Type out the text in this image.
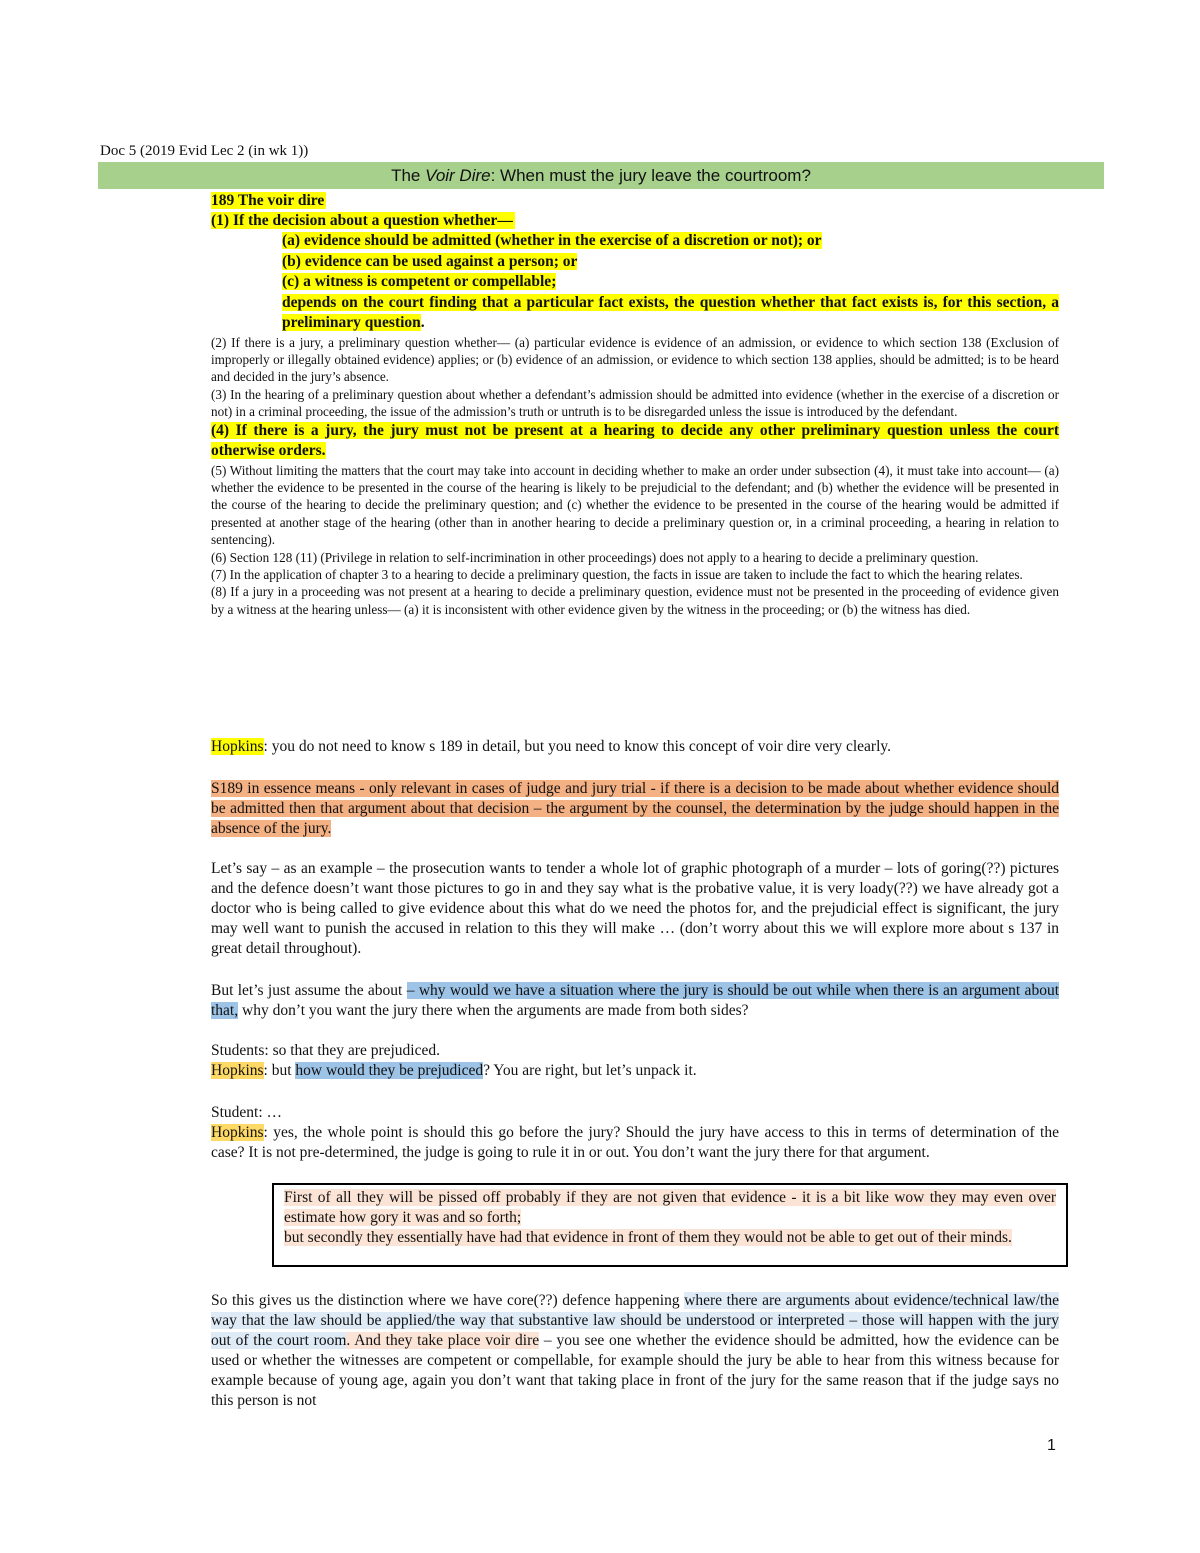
Doc 5 (2019 Evid Lec 2 (in wk 1))
The Voir Dire: When must the jury leave the courtroom?
189 The voir dire
(1) If the decision about a question whether—
(a) evidence should be admitted (whether in the exercise of a discretion or not); or
(b) evidence can be used against a person; or
(c) a witness is competent or compellable;
depends on the court finding that a particular fact exists, the question whether that fact exists is, for this section, a preliminary question.
(2) If there is a jury, a preliminary question whether— (a) particular evidence is evidence of an admission, or evidence to which section 138 (Exclusion of improperly or illegally obtained evidence) applies; or (b) evidence of an admission, or evidence to which section 138 applies, should be admitted; is to be heard and decided in the jury’s absence.
(3) In the hearing of a preliminary question about whether a defendant’s admission should be admitted into evidence (whether in the exercise of a discretion or not) in a criminal proceeding, the issue of the admission’s truth or untruth is to be disregarded unless the issue is introduced by the defendant.
(4) If there is a jury, the jury must not be present at a hearing to decide any other preliminary question unless the court otherwise orders.
(5) Without limiting the matters that the court may take into account in deciding whether to make an order under subsection (4), it must take into account— (a) whether the evidence to be presented in the course of the hearing is likely to be prejudicial to the defendant; and (b) whether the evidence will be presented in the course of the hearing to decide the preliminary question; and (c) whether the evidence to be presented in the course of the hearing would be admitted if presented at another stage of the hearing (other than in another hearing to decide a preliminary question or, in a criminal proceeding, a hearing in relation to sentencing).
(6) Section 128 (11) (Privilege in relation to self-incrimination in other proceedings) does not apply to a hearing to decide a preliminary question.
(7) In the application of chapter 3 to a hearing to decide a preliminary question, the facts in issue are taken to include the fact to which the hearing relates.
(8) If a jury in a proceeding was not present at a hearing to decide a preliminary question, evidence must not be presented in the proceeding of evidence given by a witness at the hearing unless— (a) it is inconsistent with other evidence given by the witness in the proceeding; or (b) the witness has died.
Hopkins: you do not need to know s 189 in detail, but you need to know this concept of voir dire very clearly.
S189 in essence means - only relevant in cases of judge and jury trial - if there is a decision to be made about whether evidence should be admitted then that argument about that decision – the argument by the counsel, the determination by the judge should happen in the absence of the jury.
Let’s say – as an example – the prosecution wants to tender a whole lot of graphic photograph of a murder – lots of goring(??) pictures and the defence doesn’t want those pictures to go in and they say what is the probative value, it is very loady(??) we have already got a doctor who is being called to give evidence about this what do we need the photos for, and the prejudicial effect is significant, the jury may well want to punish the accused in relation to this they will make … (don’t worry about this we will explore more about s 137 in great detail throughout).
But let’s just assume the about – why would we have a situation where the jury is should be out while when there is an argument about that, why don’t you want the jury there when the arguments are made from both sides?
Students: so that they are prejudiced.
Hopkins: but how would they be prejudiced? You are right, but let’s unpack it.
Student: …
Hopkins: yes, the whole point is should this go before the jury? Should the jury have access to this in terms of determination of the case? It is not pre-determined, the judge is going to rule it in or out. You don’t want the jury there for that argument.
First of all they will be pissed off probably if they are not given that evidence - it is a bit like wow they may even over estimate how gory it was and so forth;
but secondly they essentially have had that evidence in front of them they would not be able to get out of their minds.
So this gives us the distinction where we have core(??) defence happening where there are arguments about evidence/technical law/the way that the law should be applied/the way that substantive law should be understood or interpreted – those will happen with the jury out of the court room. And they take place voir dire – you see one whether the evidence should be admitted, how the evidence can be used or whether the witnesses are competent or compellable, for example should the jury be able to hear from this witness because for example because of young age, again you don’t want that taking place in front of the jury for the same reason that if the judge says no this person is not
1
